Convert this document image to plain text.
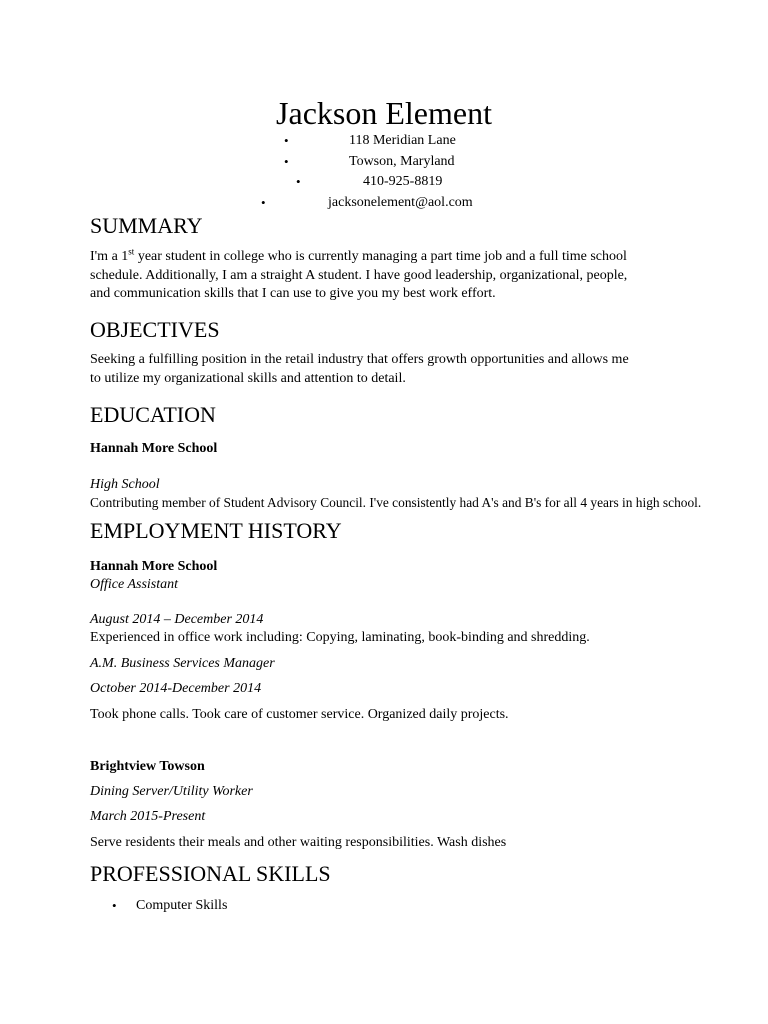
Jackson Element
•	118 Meridian Lane
•	Towson, Maryland
•	410-925-8819
•	jacksonelement@aol.com
SUMMARY
I'm a 1st year student in college who is currently managing a part time job and a full time school
schedule. Additionally, I am a straight A student. I have good leadership, organizational, people,
and communication skills that I can use to give you my best work effort.
OBJECTIVES
Seeking a fulfilling position in the retail industry that offers growth opportunities and allows me
to utilize my organizational skills and attention to detail.
EDUCATION
Hannah More School
High School
Contributing member of Student Advisory Council. I've consistently had A's and B's for all 4 years in high school.
EMPLOYMENT HISTORY
Hannah More School
Office Assistant
August 2014 – December 2014
Experienced in office work including: Copying, laminating, book-binding and shredding.
A.M. Business Services Manager
October 2014-December 2014
Took phone calls. Took care of customer service. Organized daily projects.
Brightview Towson
Dining Server/Utility Worker
March 2015-Present
Serve residents their meals and other waiting responsibilities. Wash dishes
PROFESSIONAL SKILLS
• Computer Skills
